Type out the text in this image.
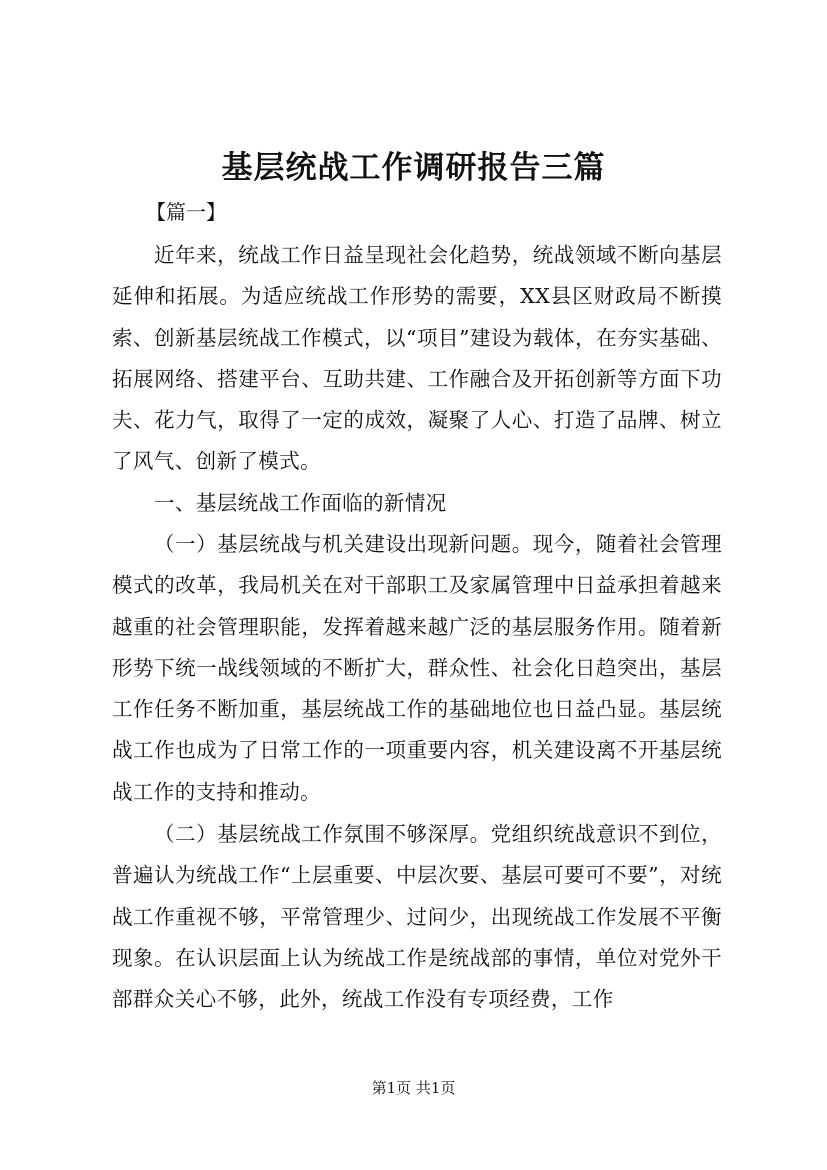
基层统战工作调研报告三篇

【篇一】

近年来，统战工作日益呈现社会化趋势，统战领域不断向基层延伸和拓展。为适应统战工作形势的需要，XX县区财政局不断摸索、创新基层统战工作模式，以“项目”建设为载体，在夯实基础、拓展网络、搭建平台、互助共建、工作融合及开拓创新等方面下功夫、花力气，取得了一定的成效，凝聚了人心、打造了品牌、树立了风气、创新了模式。

一、基层统战工作面临的新情况

（一）基层统战与机关建设出现新问题。现今，随着社会管理模式的改革，我局机关在对干部职工及家属管理中日益承担着越来越重的社会管理职能，发挥着越来越广泛的基层服务作用。随着新形势下统一战线领域的不断扩大，群众性、社会化日趋突出，基层工作任务不断加重，基层统战工作的基础地位也日益凸显。基层统战工作也成为了日常工作的一项重要内容，机关建设离不开基层统战工作的支持和推动。

（二）基层统战工作氛围不够深厚。党组织统战意识不到位，普遍认为统战工作“上层重要、中层次要、基层可要可不要”，对统战工作重视不够，平常管理少、过问少，出现统战工作发展不平衡现象。在认识层面上认为统战工作是统战部的事情，单位对党外干部群众关心不够，此外，统战工作没有专项经费，工作

第1页 共1页
